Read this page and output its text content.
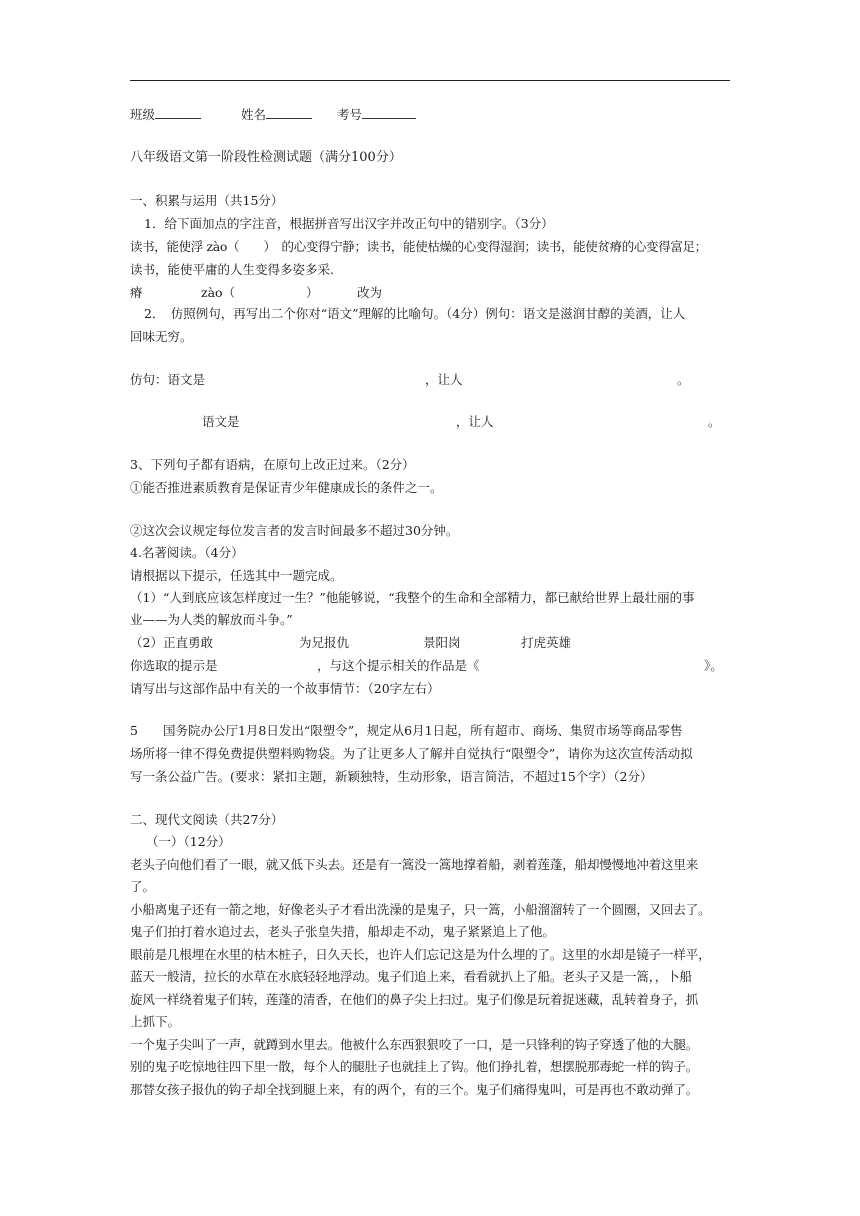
班级	姓名	考号
八年级语文第一阶段性检测试题（满分100分）
一、积累与运用（共15分）
1．给下面加点的字注音，根据拼音写出汉字并改正句中的错别字。（3分）
读书，能使浮 zào（　　）　的心变得宁静；读书，能使枯燥的心变得湿润；读书，能使贫瘠的心变得富足；
读书，能使平庸的人生变得多姿多采.
瘠	zào（	）	改为
2．　仿照例句，再写出二个你对“语文”理解的比喻句。（4分）例句：语文是滋润甘醇的美酒，让人
回味无穷。
仿句：语文是	，让人	。
语文是	，让人	。
3、下列句子都有语病，在原句上改正过来。（2分）
①能否推进素质教育是保证青少年健康成长的条件之一。
②这次会议规定每位发言者的发言时间最多不超过30分钟。
4.名著阅读。（4分）
请根据以下提示，任选其中一题完成。
（1）“人到底应该怎样度过一生？”他能够说，“我整个的生命和全部精力，都已献给世界上最壮丽的事
业——为人类的解放而斗争。”
（2）正直勇敢	为兄报仇	景阳岗	打虎英雄
你选取的提示是	，与这个提示相关的作品是《	》。
请写出与这部作品中有关的一个故事情节：（20字左右）
5　　国务院办公厅1月8日发出“限塑令”，规定从6月1日起，所有超市、商场、集贸市场等商品零售
场所将一律不得免费提供塑料购物袋。为了让更多人了解并自觉执行“限塑令”，请你为这次宣传活动拟
写一条公益广告。(要求：紧扣主题，新颖独特，生动形象，语言简洁，不超过15个字）（2分）
二、现代文阅读（共27分）
（一）（12分）
老头子向他们看了一眼，就又低下头去。还是有一篙没一篙地撑着船，剥着莲蓬，船却慢慢地冲着这里来
了。
小船离鬼子还有一箭之地，好像老头子才看出洗澡的是鬼子，只一篙，小船溜溜转了一个圆圈，又回去了。
鬼子们拍打着水追过去，老头子张皇失措，船却走不动，鬼子紧紧追上了他。
眼前是几根埋在水里的枯木桩子，日久天长，也许人们忘记这是为什么埋的了。这里的水却是镜子一样平，
蓝天一般清，拉长的水草在水底轻轻地浮动。鬼子们追上来，看看就扒上了船。老头子又是一篙，，卜船
旋风一样绕着鬼子们转，莲蓬的清香，在他们的鼻子尖上扫过。鬼子们像是玩着捉迷藏，乱转着身子，抓
上抓下。
一个鬼子尖叫了一声，就蹲到水里去。他被什么东西狠狠咬了一口，是一只锋利的钩子穿透了他的大腿。
别的鬼子吃惊地往四下里一散，每个人的腿肚子也就挂上了钩。他们挣扎着，想摆脱那毒蛇一样的钩子。
那替女孩子报仇的钩子却全找到腿上来，有的两个，有的三个。鬼子们痛得鬼叫，可是再也不敢动弹了。
